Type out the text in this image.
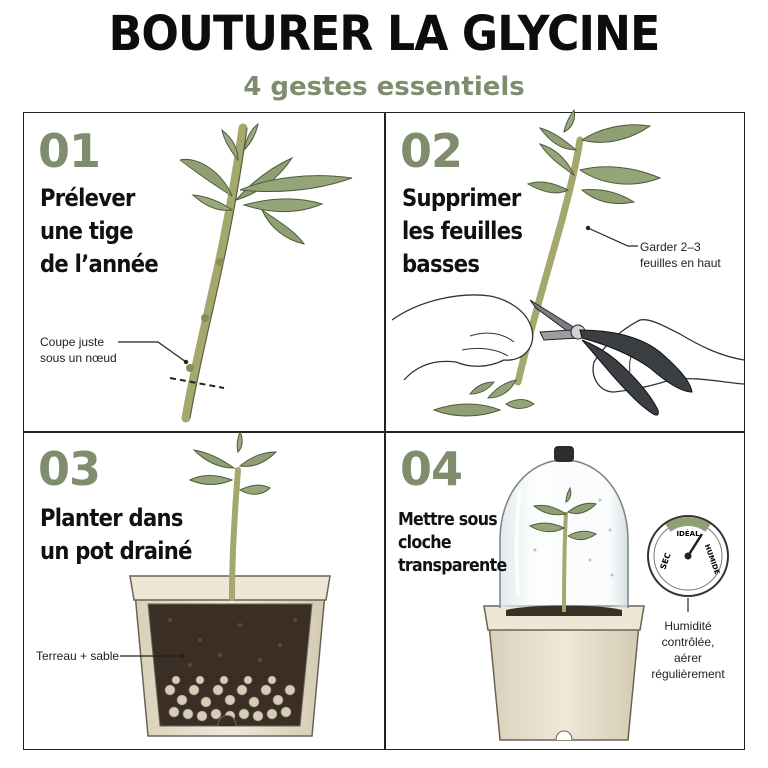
BOUTURER LA GLYCINE
4 gestes essentiels
SEC
IDÉAL
HUMIDE
01
Prélever
une tige
de l’année
Coupe juste
sous un nœud
02
Supprimer
les feuilles
basses
Garder 2–3
feuilles en haut
03
Planter dans
un pot drainé
Terreau + sable
04
Mettre sous
cloche
transparente
Humidité
contrôlée,
aérer
régulièrement
